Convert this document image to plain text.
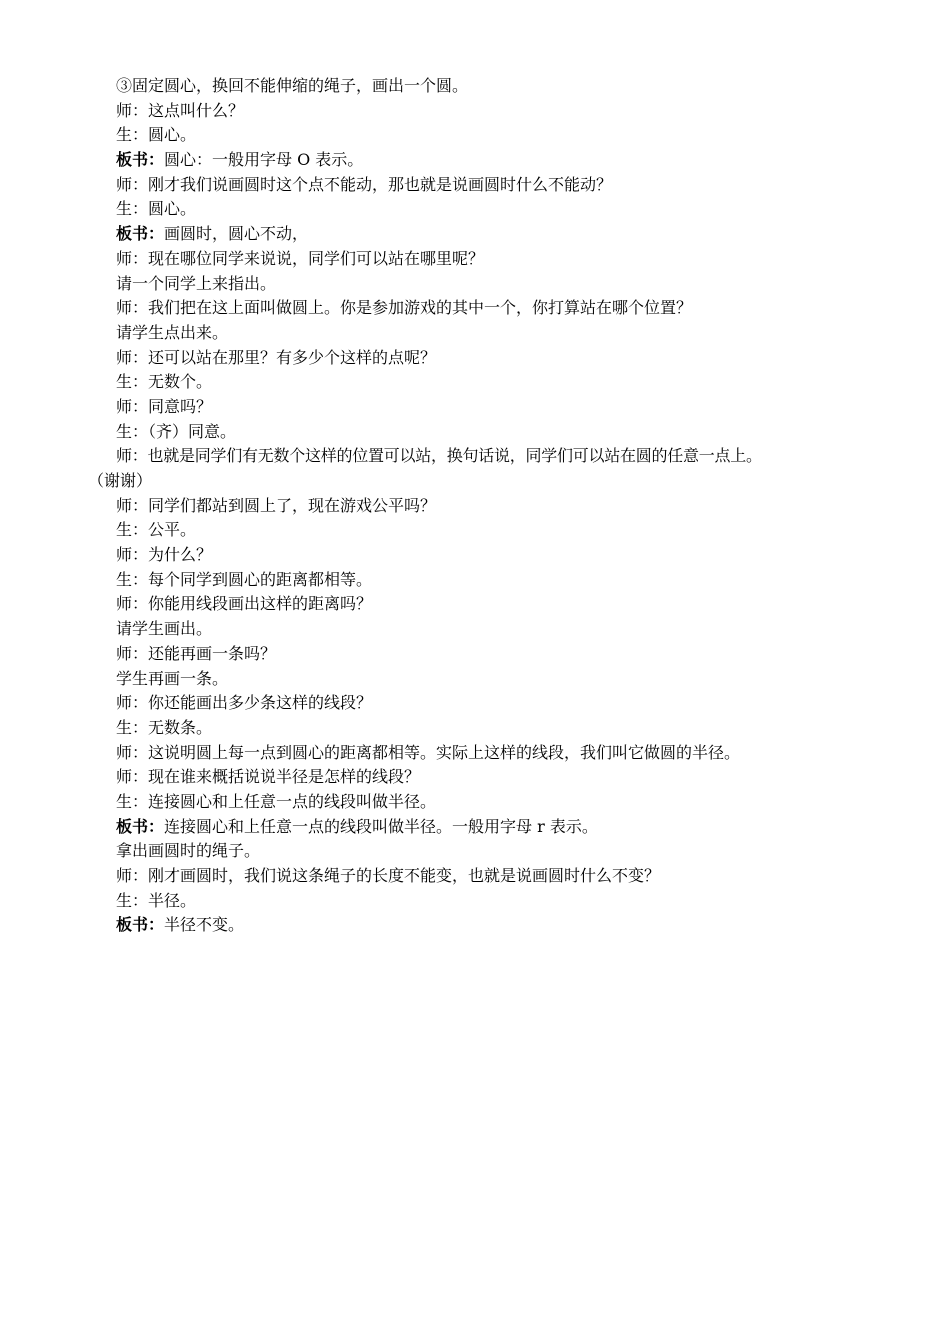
③固定圆心，换回不能伸缩的绳子，画出一个圆。
师：这点叫什么？
生：圆心。
板书：圆心：一般用字母 O 表示。
师：刚才我们说画圆时这个点不能动，那也就是说画圆时什么不能动？
生：圆心。
板书：画圆时，圆心不动，
师：现在哪位同学来说说，同学们可以站在哪里呢？
请一个同学上来指出。
师：我们把在这上面叫做圆上。你是参加游戏的其中一个，你打算站在哪个位置？
请学生点出来。
师：还可以站在那里？有多少个这样的点呢？
生：无数个。
师：同意吗？
生：（齐）同意。
师：也就是同学们有无数个这样的位置可以站，换句话说，同学们可以站在圆的任意一点上。
（谢谢）
师：同学们都站到圆上了，现在游戏公平吗？
生：公平。
师：为什么？
生：每个同学到圆心的距离都相等。
师：你能用线段画出这样的距离吗？
请学生画出。
师：还能再画一条吗？
学生再画一条。
师：你还能画出多少条这样的线段？
生：无数条。
师：这说明圆上每一点到圆心的距离都相等。实际上这样的线段，我们叫它做圆的半径。
师：现在谁来概括说说半径是怎样的线段？
生：连接圆心和上任意一点的线段叫做半径。
板书：连接圆心和上任意一点的线段叫做半径。一般用字母 r 表示。
拿出画圆时的绳子。
师：刚才画圆时，我们说这条绳子的长度不能变，也就是说画圆时什么不变？
生：半径。
板书：半径不变。
